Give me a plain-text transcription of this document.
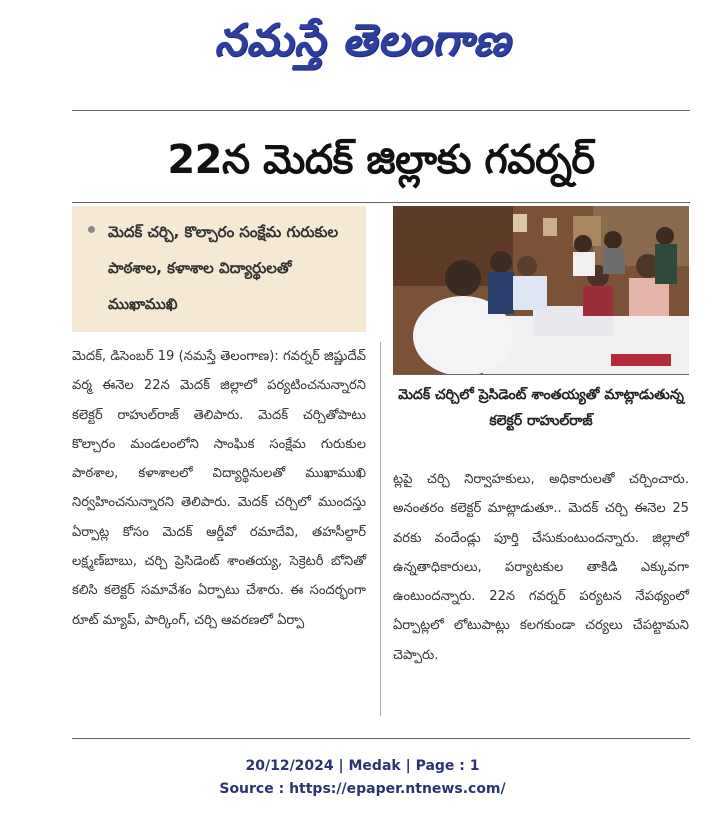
నమస్తే తెలంగాణ
22న మెదక్ జిల్లాకు గవర్నర్
మెదక్ చర్చి, కొల్చారం సంక్షేమ గురుకుల పాఠశాల, కళాశాల విద్యార్థులతో ముఖాముఖి
మెదక్ చర్చిలో ప్రెసిడెంట్ శాంతయ్యతో మాట్లాడుతున్న కలెక్టర్ రాహుల్‌రాజ్

మెదక్, డిసెంబర్ 19 (నమస్తే తెలంగాణ): గవర్నర్ జిష్ణుదేవ్ వర్మ ఈనెల 22న మెదక్ జిల్లాలో పర్యటించనున్నారని కలెక్టర్ రాహుల్‌రాజ్ తెలిపారు. మెదక్ చర్చితోపాటు కొల్చారం మండలంలోని సాంఘిక సంక్షేమ గురుకుల పాఠశాల, కళాశాలలో విద్యార్థినులతో ముఖాముఖి నిర్వహించనున్నారని తెలిపారు. మెదక్ చర్చిలో ముందస్తు ఏర్పాట్ల కోసం మెదక్ ఆర్డీవో రమాదేవి, తహసీల్దార్ లక్ష్మణ్‌బాబు, చర్చి ప్రెసిడెంట్ శాంతయ్య, సెక్రెటరీ బోనితో కలిసి కలెక్టర్ సమావేశం ఏర్పాటు చేశారు. ఈ సందర్భంగా రూట్ మ్యాప్, పార్కింగ్, చర్చి ఆవరణలో ఏర్పా

ట్లపై చర్చి నిర్వాహకులు, అధికారులతో చర్చించారు. అనంతరం కలెక్టర్ మాట్లాడుతూ.. మెదక్ చర్చి ఈనెల 25 వరకు వందేండ్లు పూర్తి చేసుకుంటుందన్నారు. జిల్లాలో ఉన్నతాధికారులు, పర్యాటకుల తాకిడి ఎక్కువగా ఉంటుందన్నారు. 22న గవర్నర్ పర్యటన నేపథ్యంలో ఏర్పాట్లలో లోటుపాట్లు కలగకుండా చర్యలు చేపట్టామని చెప్పారు.

20/12/2024 | Medak | Page : 1
Source : https://epaper.ntnews.com/
